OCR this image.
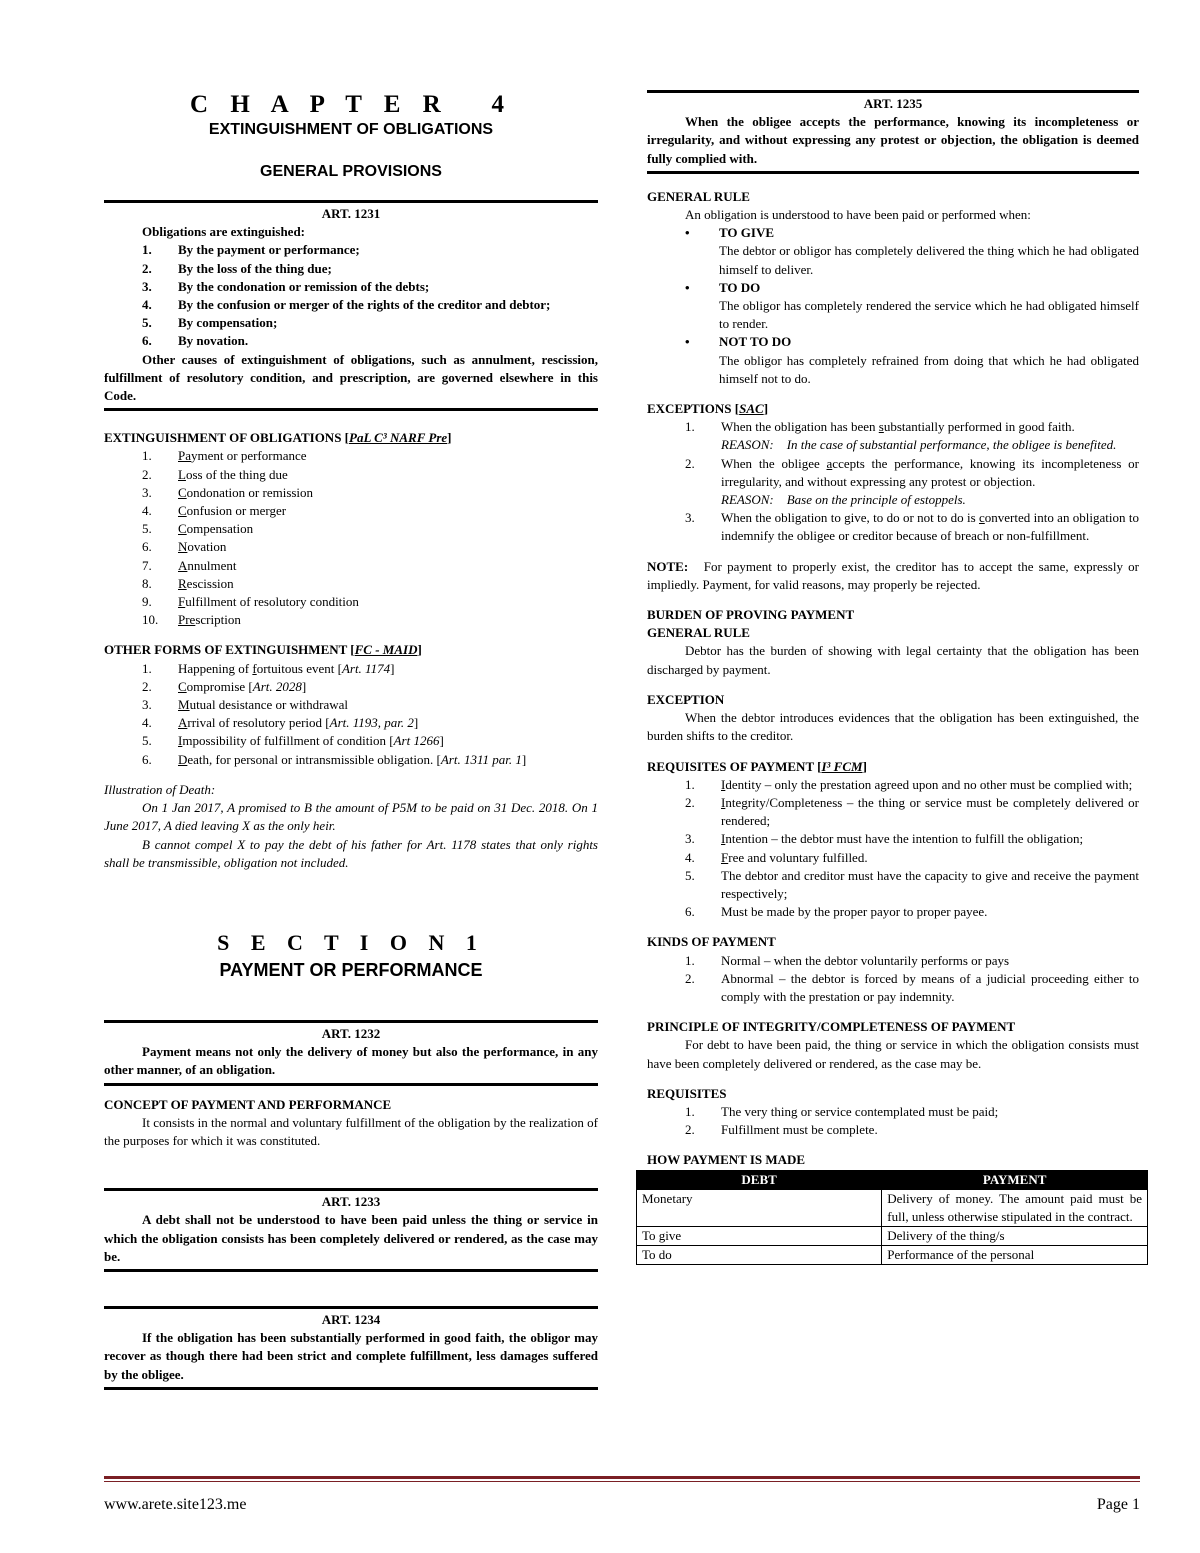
C H A P T E R   4
EXTINGUISHMENT OF OBLIGATIONS
GENERAL PROVISIONS
ART. 1231
Obligations are extinguished:
1.	By the payment or performance;
2.	By the loss of the thing due;
3.	By the condonation or remission of the debts;
4.	By the confusion or merger of the rights of the creditor and debtor;
5.	By compensation;
6.	By novation.
Other causes of extinguishment of obligations, such as annulment, rescission, fulfillment of resolutory condition, and prescription, are governed elsewhere in this Code.
EXTINGUISHMENT OF OBLIGATIONS [PaL C³ NARF Pre]
1.	Payment or performance
2.	Loss of the thing due
3.	Condonation or remission
4.	Confusion or merger
5.	Compensation
6.	Novation
7.	Annulment
8.	Rescission
9.	Fulfillment of resolutory condition
10.	Prescription
OTHER FORMS OF EXTINGUISHMENT [FC - MAID]
1.	Happening of fortuitous event [Art. 1174]
2.	Compromise [Art. 2028]
3.	Mutual desistance or withdrawal
4.	Arrival of resolutory period [Art. 1193, par. 2]
5.	Impossibility of fulfillment of condition [Art 1266]
6.	Death, for personal or intransmissible obligation. [Art. 1311 par. 1]
Illustration of Death:
On 1 Jan 2017, A promised to B the amount of P5M to be paid on 31 Dec. 2018. On 1 June 2017, A died leaving X as the only heir.
B cannot compel X to pay the debt of his father for Art. 1178 states that only rights shall be transmissible, obligation not included.
S E C T I O N 1
PAYMENT OR PERFORMANCE
ART. 1232
Payment means not only the delivery of money but also the performance, in any other manner, of an obligation.
CONCEPT OF PAYMENT AND PERFORMANCE
It consists in the normal and voluntary fulfillment of the obligation by the realization of the purposes for which it was constituted.
ART. 1233
A debt shall not be understood to have been paid unless the thing or service in which the obligation consists has been completely delivered or rendered, as the case may be.
ART. 1234
If the obligation has been substantially performed in good faith, the obligor may recover as though there had been strict and complete fulfillment, less damages suffered by the obligee.
ART. 1235
When the obligee accepts the performance, knowing its incompleteness or irregularity, and without expressing any protest or objection, the obligation is deemed fully complied with.
GENERAL RULE
An obligation is understood to have been paid or performed when:
•	TO GIVE
The debtor or obligor has completely delivered the thing which he had obligated himself to deliver.
•	TO DO
The obligor has completely rendered the service which he had obligated himself to render.
•	NOT TO DO
The obligor has completely refrained from doing that which he had obligated himself not to do.
EXCEPTIONS [SAC]
1.	When the obligation has been substantially performed in good faith.
REASON: In the case of substantial performance, the obligee is benefited.
2.	When the obligee accepts the performance, knowing its incompleteness or irregularity, and without expressing any protest or objection.
REASON: Base on the principle of estoppels.
3.	When the obligation to give, to do or not to do is converted into an obligation to indemnify the obligee or creditor because of breach or non-fulfillment.
NOTE: For payment to properly exist, the creditor has to accept the same, expressly or impliedly. Payment, for valid reasons, may properly be rejected.
BURDEN OF PROVING PAYMENT
GENERAL RULE
Debtor has the burden of showing with legal certainty that the obligation has been discharged by payment.
EXCEPTION
When the debtor introduces evidences that the obligation has been extinguished, the burden shifts to the creditor.
REQUISITES OF PAYMENT [I³ FCM]
1.	Identity – only the prestation agreed upon and no other must be complied with;
2.	Integrity/Completeness – the thing or service must be completely delivered or rendered;
3.	Intention – the debtor must have the intention to fulfill the obligation;
4.	Free and voluntary fulfilled.
5.	The debtor and creditor must have the capacity to give and receive the payment respectively;
6.	Must be made by the proper payor to proper payee.
KINDS OF PAYMENT
1.	Normal – when the debtor voluntarily performs or pays
2.	Abnormal – the debtor is forced by means of a judicial proceeding either to comply with the prestation or pay indemnity.
PRINCIPLE OF INTEGRITY/COMPLETENESS OF PAYMENT
For debt to have been paid, the thing or service in which the obligation consists must have been completely delivered or rendered, as the case may be.
REQUISITES
1.	The very thing or service contemplated must be paid;
2.	Fulfillment must be complete.
HOW PAYMENT IS MADE
DEBT	PAYMENT
Monetary	Delivery of money. The amount paid must be full, unless otherwise stipulated in the contract.
To give	Delivery of the thing/s
To do	Performance of the personal
www.arete.site123.me	Page 1
